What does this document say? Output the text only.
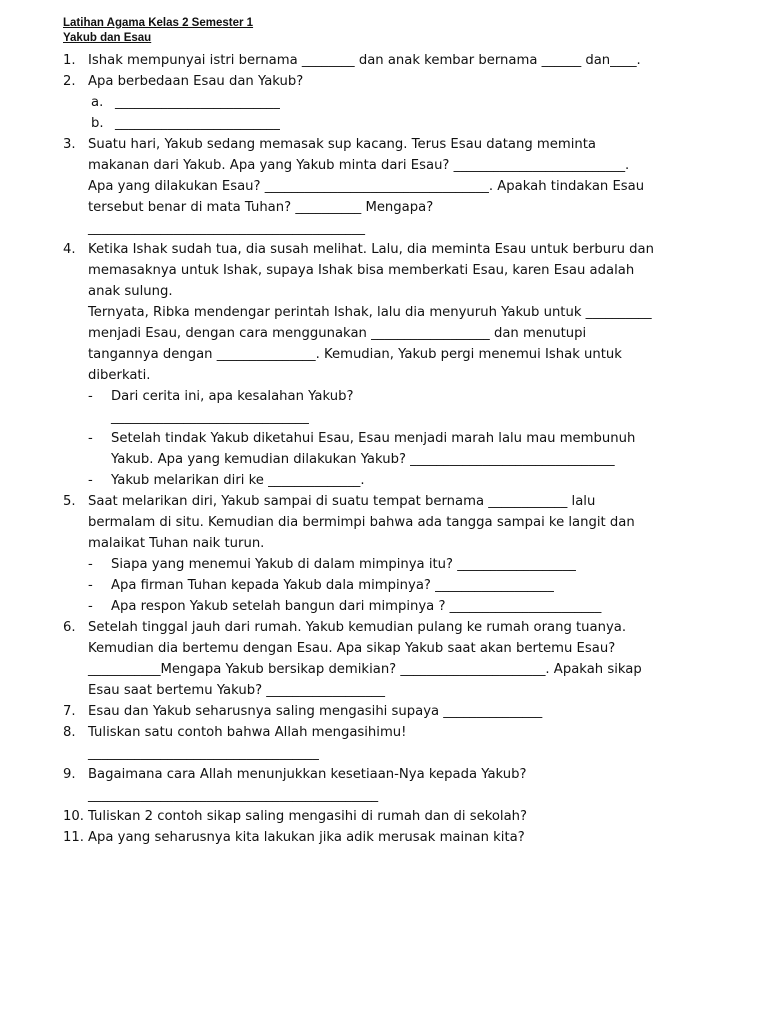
Latihan Agama Kelas 2 Semester 1
Yakub dan Esau
1. Ishak mempunyai istri bernama ________ dan anak kembar bernama ______ dan____.
2. Apa berbedaan Esau dan Yakub?
a. _________________________
b. _________________________
3. Suatu hari, Yakub sedang memasak sup kacang. Terus Esau datang meminta
makanan dari Yakub. Apa yang Yakub minta dari Esau? __________________________.
Apa yang dilakukan Esau? __________________________________. Apakah tindakan Esau
tersebut benar di mata Tuhan? __________ Mengapa?
__________________________________________
4. Ketika Ishak sudah tua, dia susah melihat. Lalu, dia meminta Esau untuk berburu dan
memasaknya untuk Ishak, supaya Ishak bisa memberkati Esau, karen Esau adalah
anak sulung.
Ternyata, Ribka mendengar perintah Ishak, lalu dia menyuruh Yakub untuk __________
menjadi Esau, dengan cara menggunakan __________________ dan menutupi
tangannya dengan _______________. Kemudian, Yakub pergi menemui Ishak untuk
diberkati.
- Dari cerita ini, apa kesalahan Yakub?
______________________________
- Setelah tindak Yakub diketahui Esau, Esau menjadi marah lalu mau membunuh
Yakub. Apa yang kemudian dilakukan Yakub? _______________________________
- Yakub melarikan diri ke ______________.
5. Saat melarikan diri, Yakub sampai di suatu tempat bernama ____________ lalu
bermalam di situ. Kemudian dia bermimpi bahwa ada tangga sampai ke langit dan
malaikat Tuhan naik turun.
- Siapa yang menemui Yakub di dalam mimpinya itu? __________________
- Apa firman Tuhan kepada Yakub dala mimpinya? __________________
- Apa respon Yakub setelah bangun dari mimpinya ? _______________________
6. Setelah tinggal jauh dari rumah. Yakub kemudian pulang ke rumah orang tuanya.
Kemudian dia bertemu dengan Esau. Apa sikap Yakub saat akan bertemu Esau?
___________Mengapa Yakub bersikap demikian? ______________________. Apakah sikap
Esau saat bertemu Yakub? __________________
7. Esau dan Yakub seharusnya saling mengasihi supaya _______________
8. Tuliskan satu contoh bahwa Allah mengasihimu!
___________________________________
9. Bagaimana cara Allah menunjukkan kesetiaan-Nya kepada Yakub?
____________________________________________
10. Tuliskan 2 contoh sikap saling mengasihi di rumah dan di sekolah?
11. Apa yang seharusnya kita lakukan jika adik merusak mainan kita?
